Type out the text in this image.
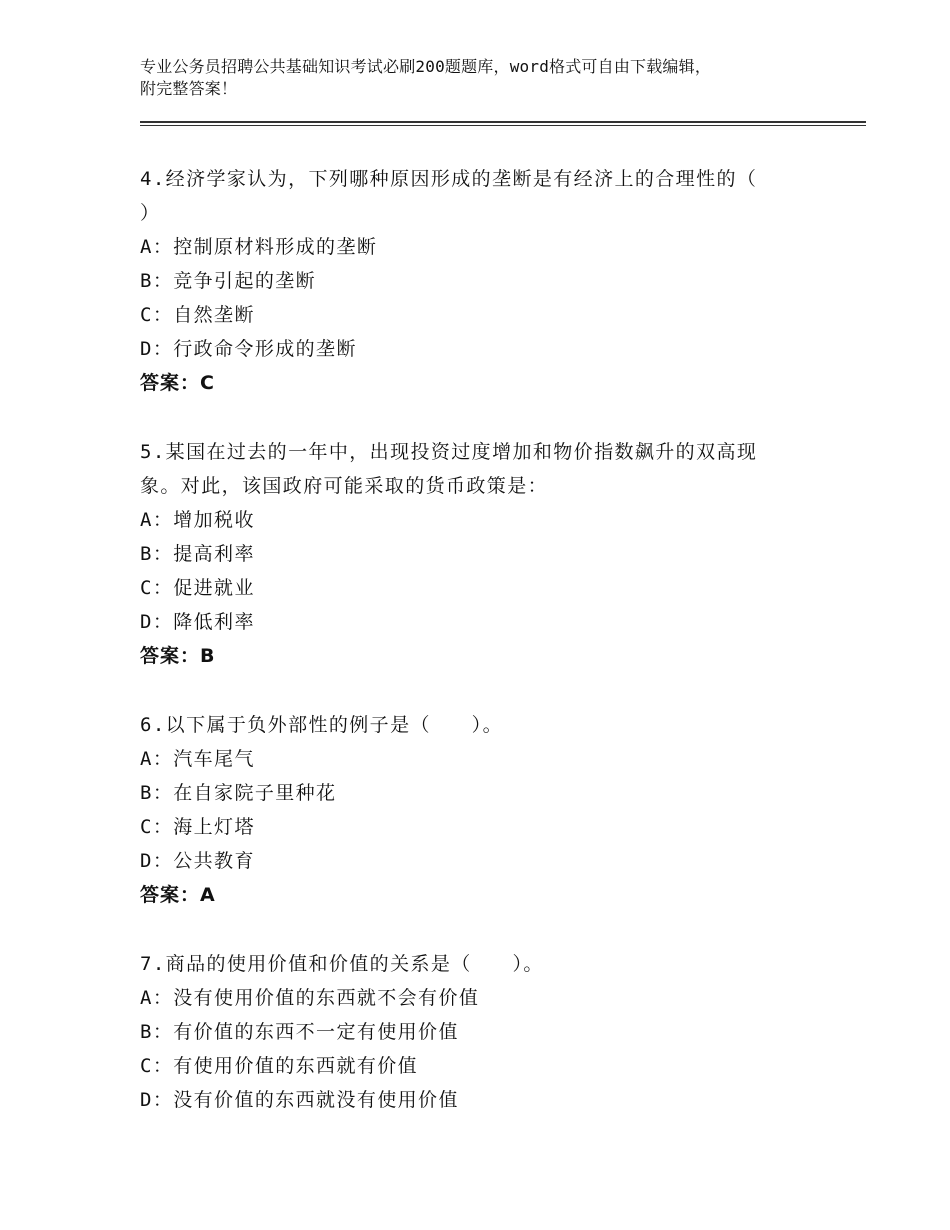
专业公务员招聘公共基础知识考试必刷200题题库，word格式可自由下载编辑，
附完整答案！

4.经济学家认为，下列哪种原因形成的垄断是有经济上的合理性的（
）

A：控制原材料形成的垄断

B：竞争引起的垄断

C：自然垄断

D：行政命令形成的垄断

答案：C

5.某国在过去的一年中，出现投资过度增加和物价指数飙升的双高现
象。对此，该国政府可能采取的货币政策是：

A：增加税收

B：提高利率

C：促进就业

D：降低利率

答案：B

6.以下属于负外部性的例子是（　　）。

A：汽车尾气

B：在自家院子里种花

C：海上灯塔

D：公共教育

答案：A

7.商品的使用价值和价值的关系是（　　）。

A：没有使用价值的东西就不会有价值

B：有价值的东西不一定有使用价值

C：有使用价值的东西就有价值

D：没有价值的东西就没有使用价值
